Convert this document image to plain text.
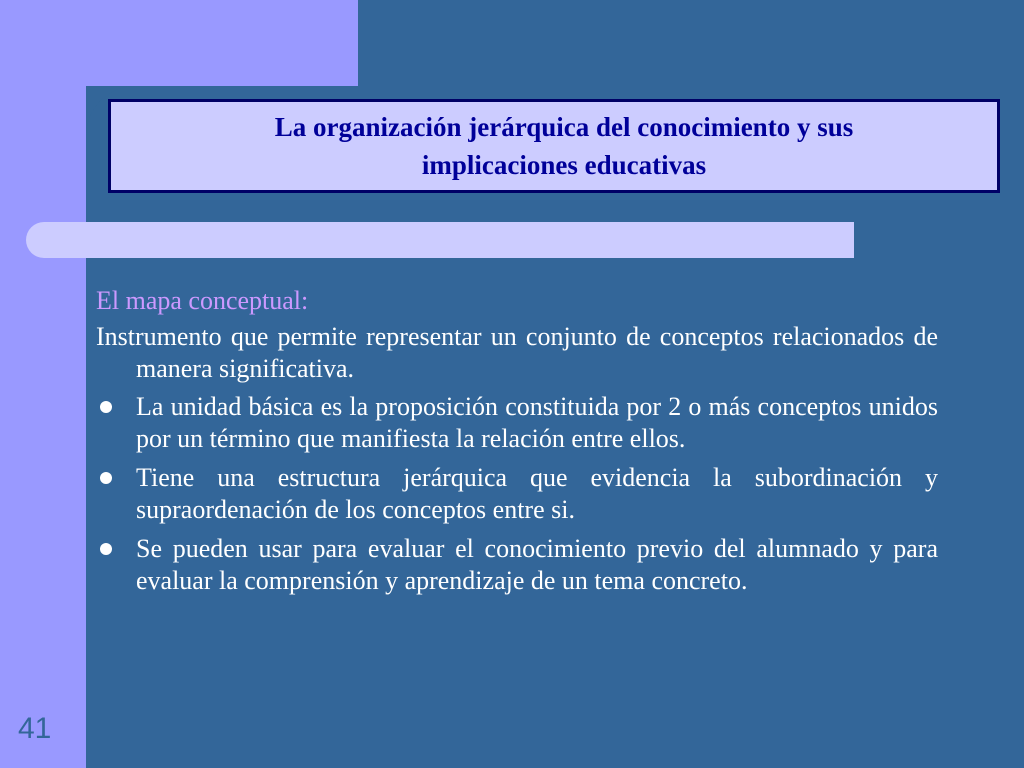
La organización jerárquica del conocimiento y sus implicaciones educativas
El mapa conceptual:
Instrumento que permite representar un conjunto de conceptos relacionados de manera significativa.
La unidad básica es la proposición constituida por 2 o más conceptos unidos por un término que manifiesta la relación entre ellos.
Tiene una estructura jerárquica que evidencia la subordinación y supraordenación de los conceptos entre si.
Se pueden usar para evaluar el conocimiento previo del alumnado y para evaluar la comprensión y aprendizaje de un tema concreto.
41
